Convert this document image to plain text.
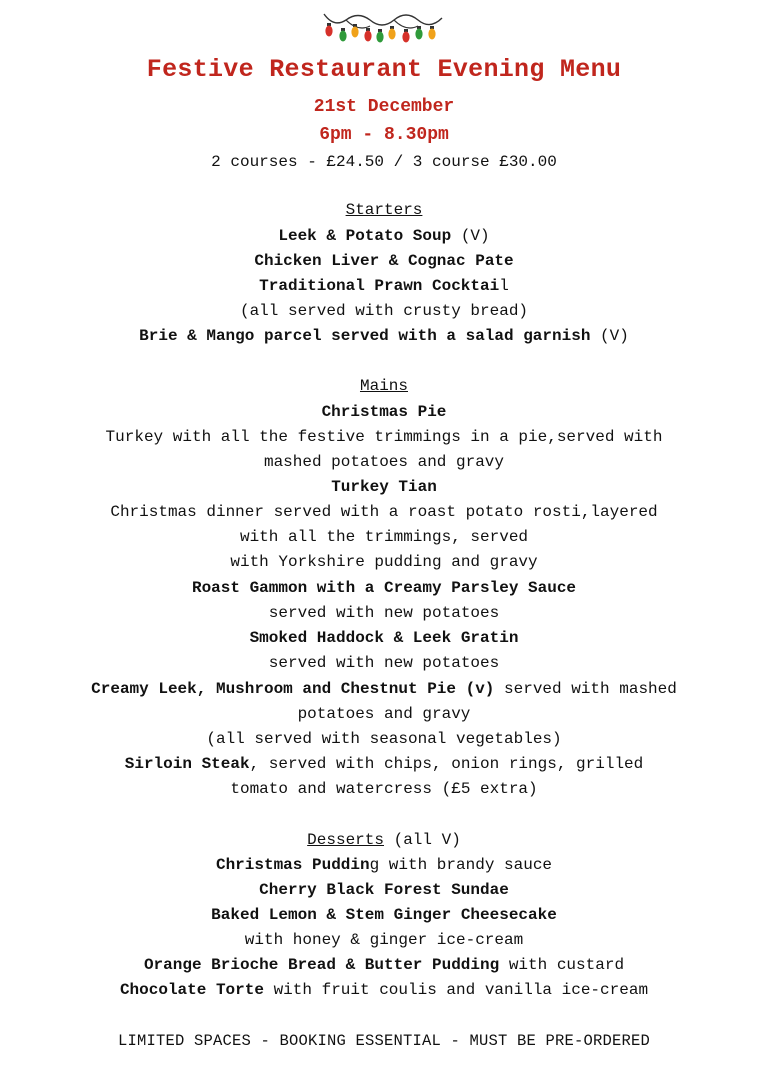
Festive Restaurant Evening Menu
21st December
6pm - 8.30pm
2 courses - £24.50 / 3 course £30.00
Starters
Leek & Potato Soup (V)
Chicken Liver & Cognac Pate
Traditional Prawn Cocktail
(all served with crusty bread)
Brie & Mango parcel served with a salad garnish (V)
Mains
Christmas Pie
Turkey with all the festive trimmings in a pie,served with
mashed potatoes and gravy
Turkey Tian
Christmas dinner served with a roast potato rosti,layered
with all the trimmings, served
with Yorkshire pudding and gravy
Roast Gammon with a Creamy Parsley Sauce
served with new potatoes
Smoked Haddock & Leek Gratin
served with new potatoes
Creamy Leek, Mushroom and Chestnut Pie (v) served with mashed
potatoes and gravy
(all served with seasonal vegetables)
Sirloin Steak, served with chips, onion rings, grilled
tomato and watercress (£5 extra)
Desserts (all V)
Christmas Pudding with brandy sauce
Cherry Black Forest Sundae
Baked Lemon & Stem Ginger Cheesecake
with honey & ginger ice-cream
Orange Brioche Bread & Butter Pudding with custard
Chocolate Torte with fruit coulis and vanilla ice-cream
LIMITED SPACES - BOOKING ESSENTIAL - MUST BE PRE-ORDERED
